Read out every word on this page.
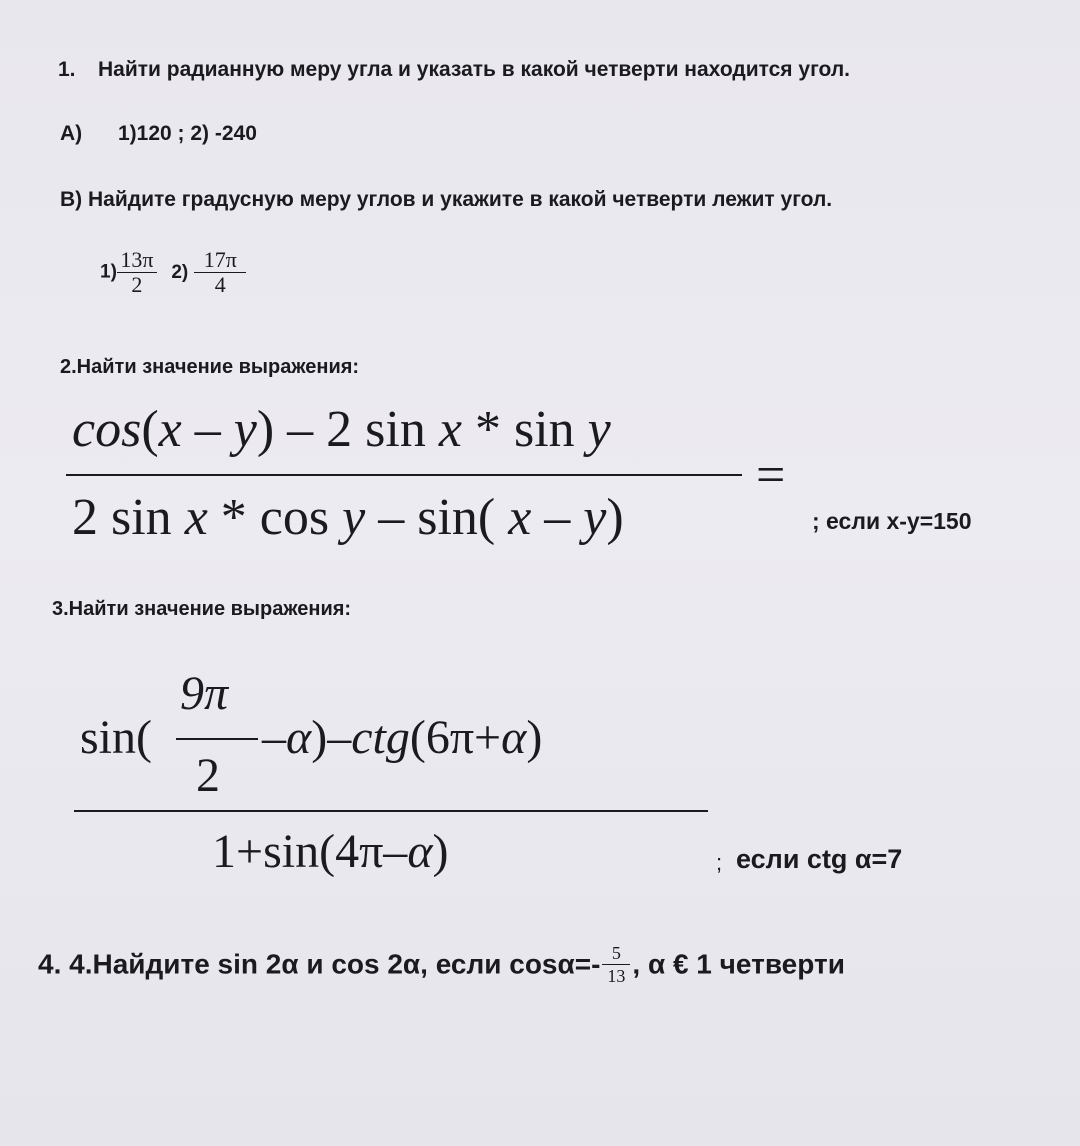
1. Найти радианную меру угла и указать в какой четверти находится угол.
А) 1)120 ; 2) -240
В) Найдите градусную меру углов и укажите в какой четверти лежит угол.
$1) \frac{13\pi}{2} 2) \frac{17\pi}{4}$
2.Найти значение выражения:
cos(x – y) – 2 sin x * sin y
=
2 sin x * cos y – sin( x – y)	; если х-у=150
3.Найти значение выражения:
sin(
9π
2
–α)–ctg(6π+α)
1+sin(4π–α)	; если ctg α=7
4. 4.Найдите sin 2α и cos 2α, если $\cos\alpha=- \frac{5}{13}$ , α € 1 четверти
